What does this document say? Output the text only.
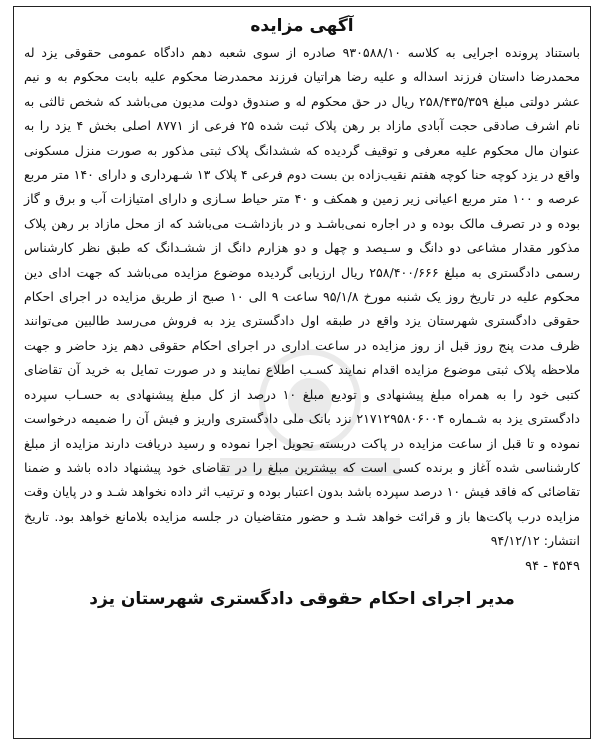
آگهی مزایده

باستناد پرونده اجرایی به کلاسه ۹۳۰۵۸۸/۱۰ صادره از سوی شعبه دهم دادگاه عمومی حقوقی یزد له محمدرضا داستان فرزند اسداله و علیه رضا هراتیان فرزند محمدرضا محکوم علیه بابت محکوم به و نیم عشر دولتی مبلغ ۲۵۸/۴۳۵/۳۵۹ ریال در حق محکوم له و صندوق دولت مدیون می‌باشد که شخص ثالثی به نام اشرف صادقی حجت آبادی مازاد بر رهن پلاک ثبت شده ۲۵ فرعی از ۸۷۷۱ اصلی بخش ۴ یزد را به عنوان مال محکوم علیه معرفی و توقیف گردیده که ششدانگ پلاک ثبتی مذکور به صورت منزل مسکونی واقع در یزد کوچه حنا کوچه هفتم نقیب‌زاده بن بست دوم فرعی ۴ پلاک ۱۳ شـهرداری و دارای ۱۴۰ متر مربع عرصه و ۱۰۰ متر مربع اعیانی زیر زمین و همکف و ۴۰ متر حیاط سـازی و دارای امتیازات آب و برق و گاز بوده و در تصرف مالک بوده و در اجاره نمی‌باشـد و در بازداشـت می‌باشد که از محل مازاد بر رهن پلاک مذکور مقدار مشاعی دو دانگ و سـیصد و چهل و دو هزارم دانگ از ششـدانگ که طبق نظر کارشناس رسمی دادگستری به مبلغ ۲۵۸/۴۰۰/۶۶۶ ریال ارزیابی گردیده موضوع مزایده می‌باشد که جهت ادای دین محکوم علیه در تاریخ روز یک شنبه مورخ ۹۵/۱/۸ ساعت ۹ الی ۱۰ صبح از طریق مزایده در اجرای احکام حقوقی دادگستری شهرستان یزد واقع در طبقه اول دادگستری یزد به فروش می‌رسد طالبین می‌توانند ظرف مدت پنج روز قبل از روز مزایده در ساعت اداری در اجرای احکام حقوقی دهم یزد حاضر و جهت ملاحظه پلاک ثبتی موضوع مزایده اقدام نمایند کسـب اطلاع نمایند و در صورت تمایل به خرید آن تقاضای کتبی خود را به همراه مبلغ پیشنهادی و تودیع مبلغ ۱۰ درصد از کل مبلغ پیشنهادی به حسـاب سپرده دادگستری یزد به شـماره ۲۱۷۱۲۹۵۸۰۶۰۰۴ نزد بانک ملی دادگستری واریز و فیش آن را ضمیمه درخواست نموده و تا قبل از ساعت مزایده در پاکت دربسته تحویل اجرا نموده و رسید دریافت دارند مزایده از مبلغ کارشناسی شده آغاز و برنده کسی است که بیشترین مبلغ را در تقاضای خود پیشنهاد داده باشد و ضمنا تقاضائی که فاقد فیش ۱۰ درصد سپرده باشد بدون اعتبار بوده و ترتیب اثر داده نخواهد شـد و در پایان وقت مزایده درب پاکت‌ها باز و قرائت خواهد شـد و حضور متقاضیان در جلسه مزایده بلامانع خواهد بود. تاریخ انتشار: ۹۴/۱۲/۱۲

۴۵۴۹ - ۹۴
مدیر اجرای احکام حقوقی دادگستری شهرستان یزد
